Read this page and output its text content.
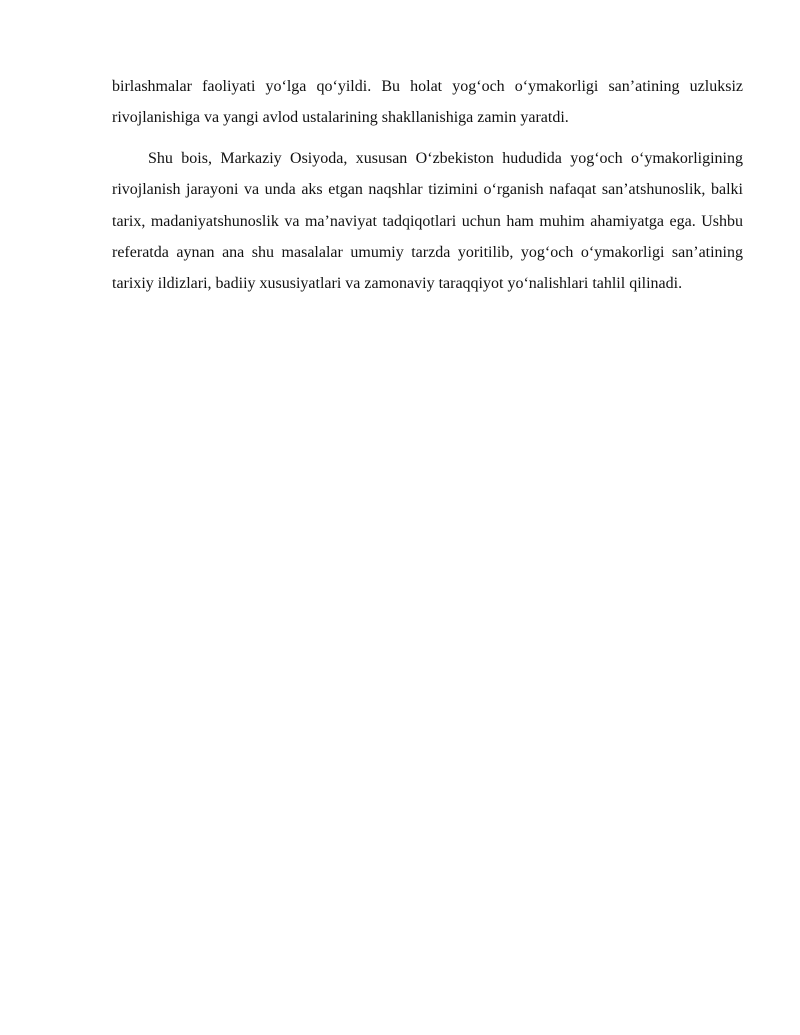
birlashmalar faoliyati yo‘lga qo‘yildi. Bu holat yog‘och o‘ymakorligi san’atining uzluksiz rivojlanishiga va yangi avlod ustalarining shakllanishiga zamin yaratdi.

Shu bois, Markaziy Osiyoda, xususan O‘zbekiston hududida yog‘och o‘ymakorligining rivojlanish jarayoni va unda aks etgan naqshlar tizimini o‘rganish nafaqat san’atshunoslik, balki tarix, madaniyatshunoslik va ma’naviyat tadqiqotlari uchun ham muhim ahamiyatga ega. Ushbu referatda aynan ana shu masalalar umumiy tarzda yoritilib, yog‘och o‘ymakorligi san’atining tarixiy ildizlari, badiiy xususiyatlari va zamonaviy taraqqiyot yo‘nalishlari tahlil qilinadi.
